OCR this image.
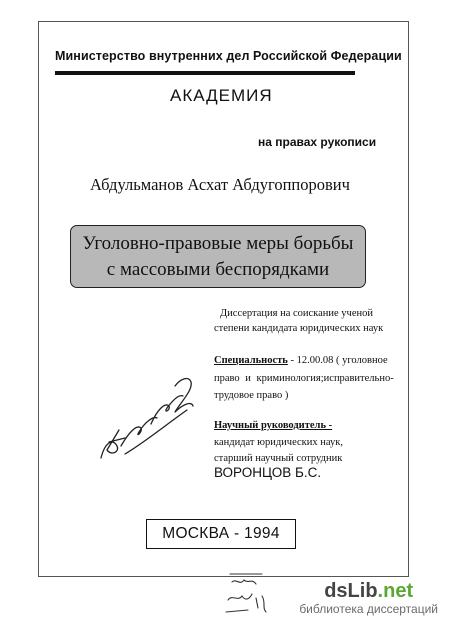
Министерство внутренних дел Российской Федерации
АКАДЕМИЯ
на правах рукописи
Абдульманов Асхат Абдугоппорович
Уголовно-правовые меры борьбы
с массовыми беспорядками
Диссертация на соискание ученой
степени кандидата юридических наук
Специальность - 12.00.08 ( уголовное
право и криминология;исправительно-
трудовое право )
Научный руководитель -
кандидат юридических наук,
старший научный сотрудник
ВОРОНЦОВ Б.С.
МОСКВА - 1994
dsLib.net
библиотека диссертаций
